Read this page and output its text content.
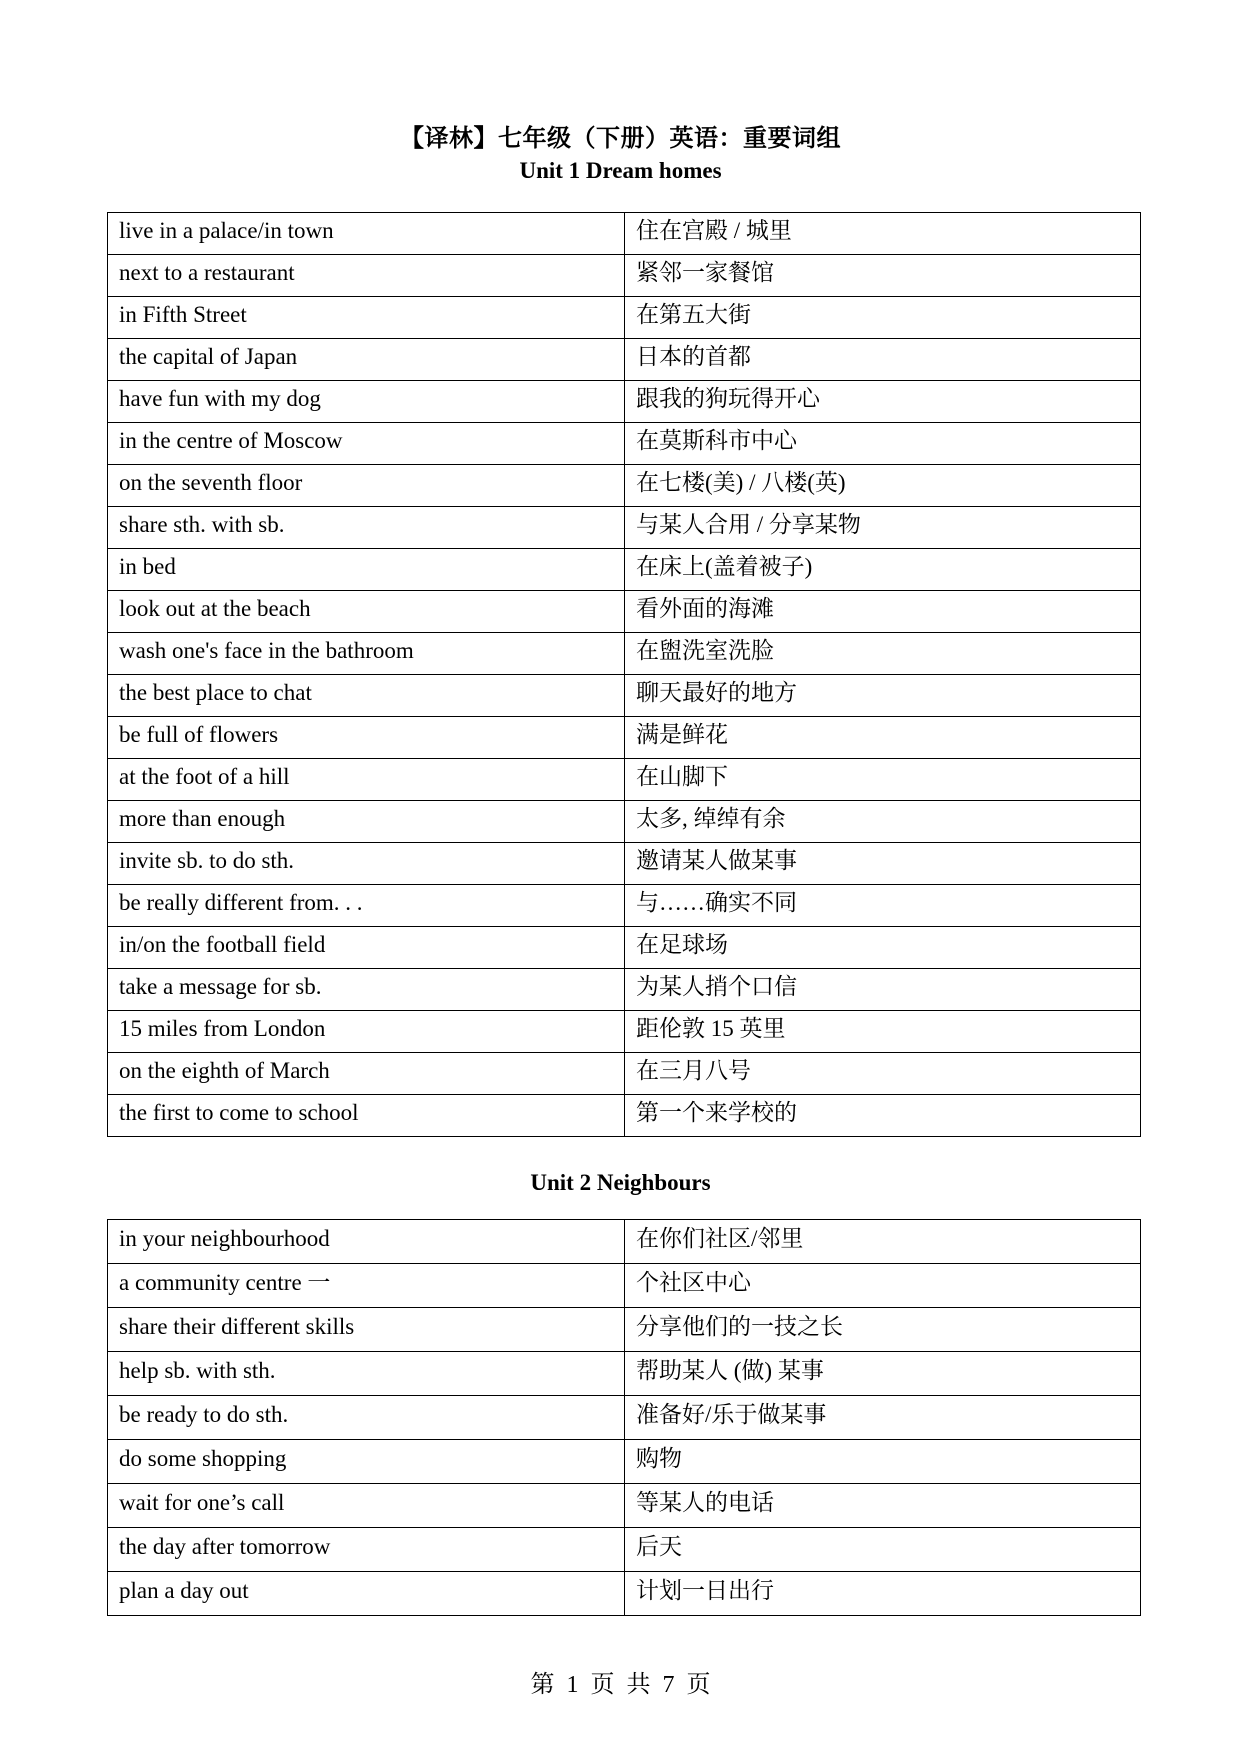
【译林】七年级（下册）英语：重要词组
Unit 1 Dream homes
live in a palace/in town	住在宫殿 / 城里
next to a restaurant	紧邻一家餐馆
in Fifth Street	在第五大街
the capital of Japan	日本的首都
have fun with my dog	跟我的狗玩得开心
in the centre of Moscow	在莫斯科市中心
on the seventh floor	在七楼(美) / 八楼(英)
share sth. with sb.	与某人合用 / 分享某物
in bed	在床上(盖着被子)
look out at the beach	看外面的海滩
wash one's face in the bathroom	在盥洗室洗脸
the best place to chat	聊天最好的地方
be full of flowers	满是鲜花
at the foot of a hill	在山脚下
more than enough	太多, 绰绰有余
invite sb. to do sth.	邀请某人做某事
be really different from. . .	与……确实不同
in/on the football field	在足球场
take a message for sb.	为某人捎个口信
15 miles from London	距伦敦 15 英里
on the eighth of March	在三月八号
the first to come to school	第一个来学校的
Unit 2 Neighbours
in your neighbourhood	在你们社区/邻里
a community centre 一	个社区中心
share their different skills	分享他们的一技之长
help sb. with sth.	帮助某人 (做) 某事
be ready to do sth.	准备好/乐于做某事
do some shopping	购物
wait for one’s call	等某人的电话
the day after tomorrow	后天
plan a day out	计划一日出行
第 1 页 共 7 页
